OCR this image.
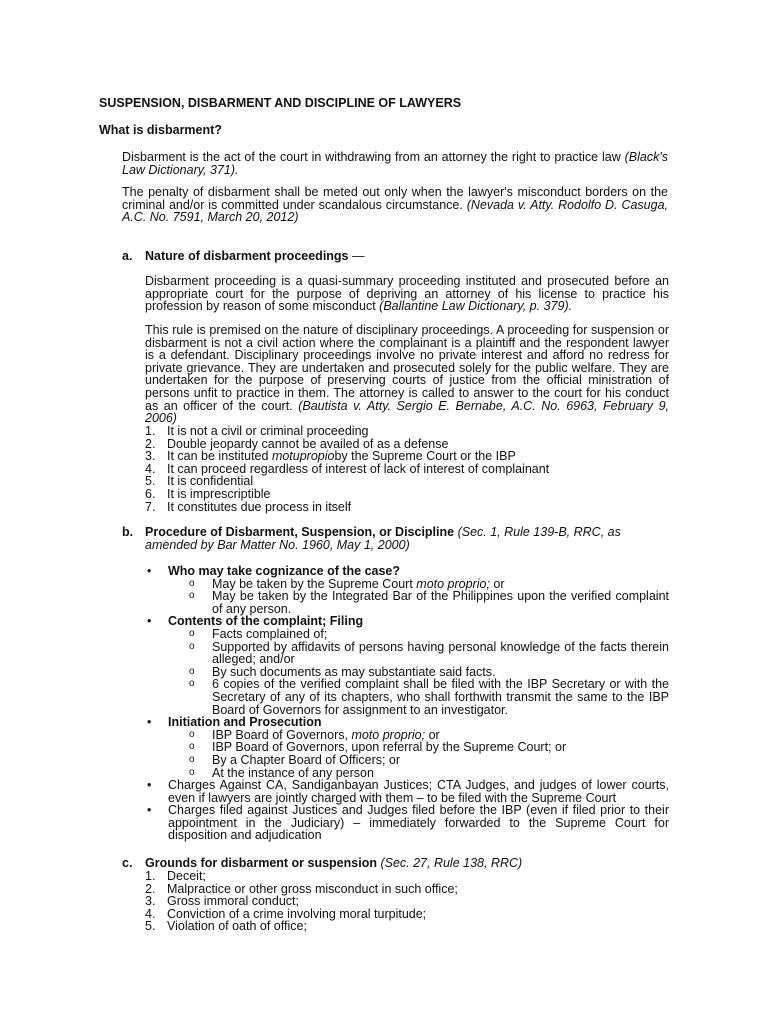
SUSPENSION, DISBARMENT AND DISCIPLINE OF LAWYERS
What is disbarment?

Disbarment is the act of the court in withdrawing from an attorney the right to practice law (Black's Law Dictionary, 371).

The penalty of disbarment shall be meted out only when the lawyer's misconduct borders on the criminal and/or is committed under scandalous circumstance. (Nevada v. Atty. Rodolfo D. Casuga, A.C. No. 7591, March 20, 2012)

a. Nature of disbarment proceedings —

Disbarment proceeding is a quasi-summary proceeding instituted and prosecuted before an appropriate court for the purpose of depriving an attorney of his license to practice his profession by reason of some misconduct (Ballantine Law Dictionary, p. 379).

This rule is premised on the nature of disciplinary proceedings. A proceeding for suspension or disbarment is not a civil action where the complainant is a plaintiff and the respondent lawyer is a defendant. Disciplinary proceedings involve no private interest and afford no redress for private grievance. They are undertaken and prosecuted solely for the public welfare. They are undertaken for the purpose of preserving courts of justice from the official ministration of persons unfit to practice in them. The attorney is called to answer to the court for his conduct as an officer of the court. (Bautista v. Atty. Sergio E. Bernabe, A.C. No. 6963, February 9, 2006)

1. It is not a civil or criminal proceeding
2. Double jeopardy cannot be availed of as a defense
3. It can be instituted motupropioby the Supreme Court or the IBP
4. It can proceed regardless of interest of lack of interest of complainant
5. It is confidential
6. It is imprescriptible
7. It constitutes due process in itself
b. Procedure of Disbarment, Suspension, or Discipline (Sec. 1, Rule 139-B, RRC, as amended by Bar Matter No. 1960, May 1, 2000)
• Who may take cognizance of the case?
o May be taken by the Supreme Court moto proprio; or
o May be taken by the Integrated Bar of the Philippines upon the verified complaint of any person.
• Contents of the complaint; Filing
o Facts complained of;
o Supported by affidavits of persons having personal knowledge of the facts therein alleged; and/or
o By such documents as may substantiate said facts.
o 6 copies of the verified complaint shall be filed with the IBP Secretary or with the Secretary of any of its chapters, who shall forthwith transmit the same to the IBP Board of Governors for assignment to an investigator.
• Initiation and Prosecution
o IBP Board of Governors, moto proprio; or
o IBP Board of Governors, upon referral by the Supreme Court; or
o By a Chapter Board of Officers; or
o At the instance of any person
• Charges Against CA, Sandiganbayan Justices; CTA Judges, and judges of lower courts, even if lawyers are jointly charged with them – to be filed with the Supreme Court
• Charges filed against Justices and Judges filed before the IBP (even if filed prior to their appointment in the Judiciary) – immediately forwarded to the Supreme Court for disposition and adjudication
c. Grounds for disbarment or suspension (Sec. 27, Rule 138, RRC)
1. Deceit;
2. Malpractice or other gross misconduct in such office;
3. Gross immoral conduct;
4. Conviction of a crime involving moral turpitude;
5. Violation of oath of office;
